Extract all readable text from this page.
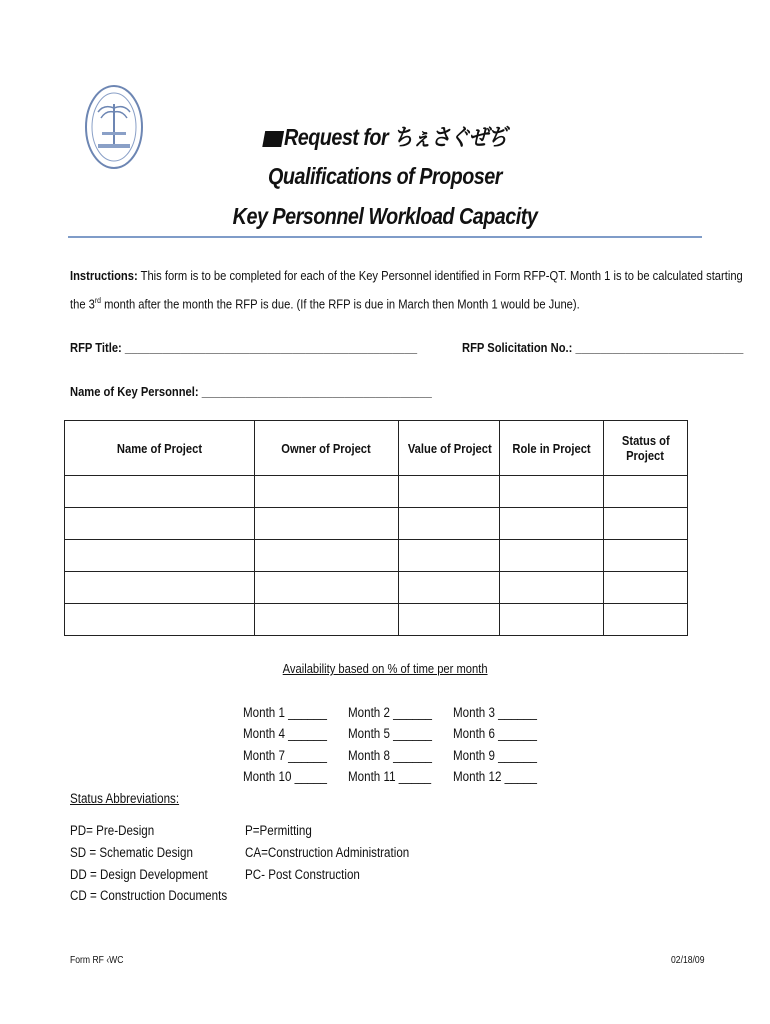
Request for ちぇさぐぜぢ
Qualifications of Proposer
Key Personnel Workload Capacity
Instructions: This form is to be completed for each of the Key Personnel identified in Form RFP-QT. Month 1 is to be calculated starting
the 3rd month after the month the RFP is due. (If the RFP is due in March then Month 1 would be June).
RFP Title: _______________________________________________	RFP Solicitation No.: ___________________________
Name of Key Personnel: _____________________________________
Name of Project	Owner of Project	Value of Project	Role in Project	Status of
Project

Availability based on % of time per month
Month 1 ______ Month 2 ______ Month 3 ______
Month 4 ______ Month 5 ______ Month 6 ______
Month 7 ______ Month 8 ______ Month 9 ______
Month 10 _____ Month 11 _____ Month 12 _____
Status Abbreviations:
PD= Pre-Design
SD = Schematic Design
DD = Design Development
CD = Construction Documents
P=Permitting
CA=Construction Administration
PC- Post Construction
Form RF ‹WC	02/18/09
